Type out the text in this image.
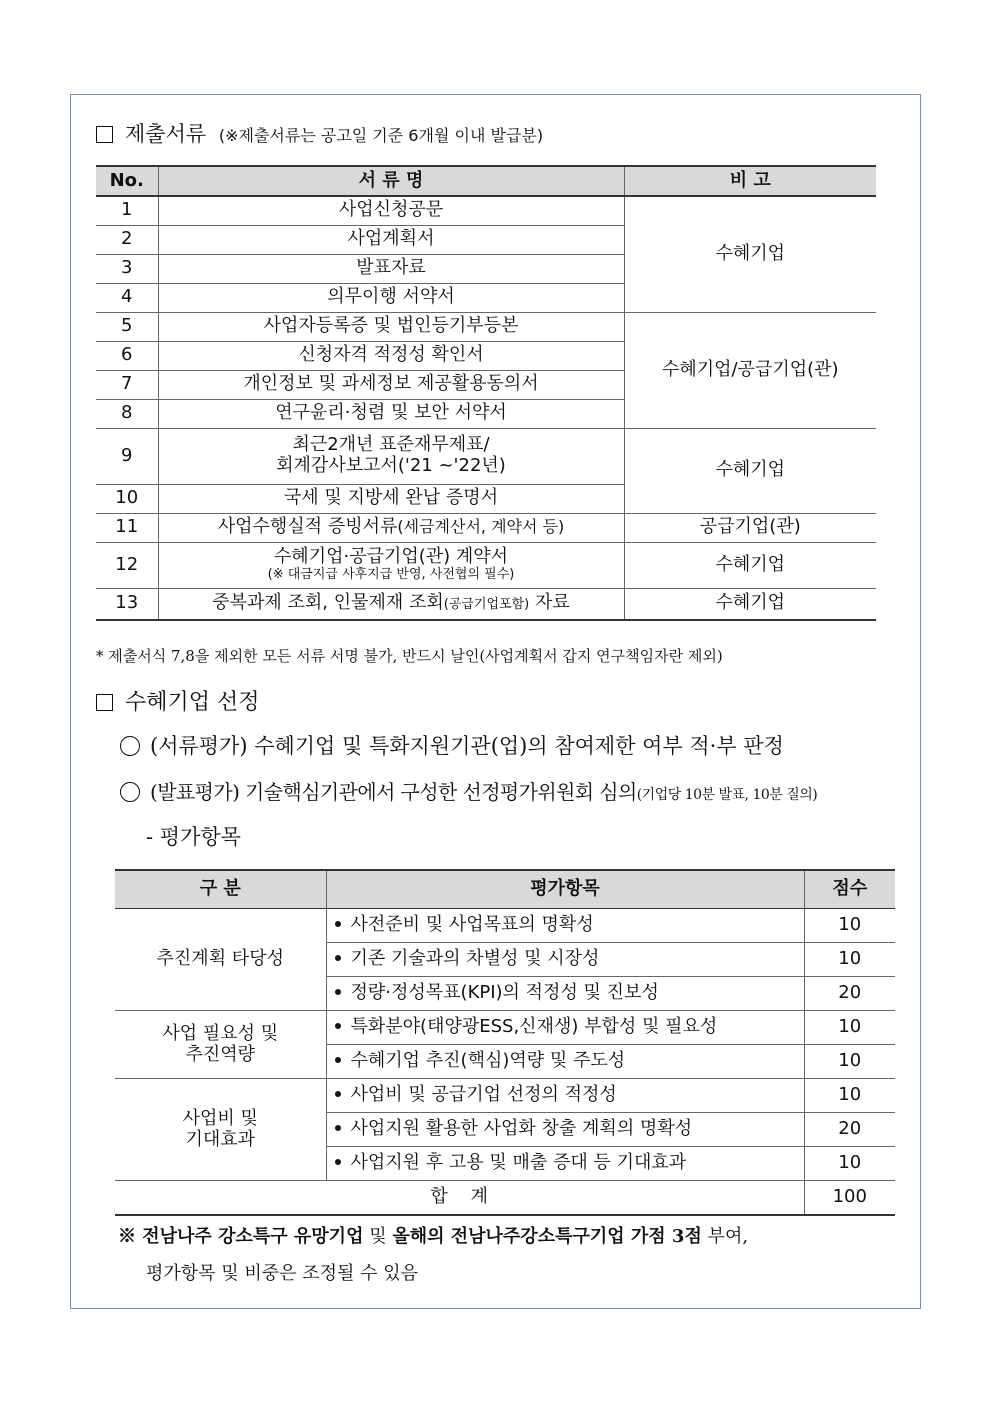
제출서류 (※제출서류는 공고일 기준 6개월 이내 발급분)
No.	서 류 명	비 고
1	사업신청공문	수혜기업
2	사업계획서	
3	발표자료	
4	의무이행 서약서	
5	사업자등록증 및 법인등기부등본	수혜기업/공급기업(관)
6	신청자격 적정성 확인서	
7	개인정보 및 과세정보 제공활용동의서	
8	연구윤리·청렴 및 보안 서약서	
9	최근2개년 표준재무제표/
회계감사보고서('21 ~'22년)	수혜기업
10	국세 및 지방세 완납 증명서	
11	사업수행실적 증빙서류(세금계산서, 계약서 등)	공급기업(관)
12	수혜기업·공급기업(관) 계약서
(※ 대금지급 사후지급 반영, 사전협의 필수)	수혜기업
13	중복과제 조회, 인물제재 조회(공급기업포함) 자료	수혜기업
* 제출서식 7,8을 제외한 모든 서류 서명 불가, 반드시 날인(사업계획서 갑지 연구책임자란 제외)
수혜기업 선정
(서류평가) 수혜기업 및 특화지원기관(업)의 참여제한 여부 적·부 판정
(발표평가) 기술핵심기관에서 구성한 선정평가위원회 심의(기업당 10분 발표, 10분 질의)
- 평가항목
구 분	평가항목	점수

추진계획 타당성	사전준비 및 사업목표의 명확성	10
	기존 기술과의 차별성 및 시장성	10
	정량·정성목표(KPI)의 적정성 및 진보성	20

사업 필요성 및
추진역량	특화분야(태양광ESS,신재생) 부합성 및 필요성	10
	수혜기업 추진(핵심)역량 및 주도성	10

사업비 및
기대효과	사업비 및 공급기업 선정의 적정성	10
	사업지원 활용한 사업화 창출 계획의 명확성	20
	사업지원 후 고용 및 매출 증대 등 기대효과	10
합    계		100
※ 전남나주 강소특구 유망기업 및 올해의 전남나주강소특구기업 가점 3점 부여,
평가항목 및 비중은 조정될 수 있음
